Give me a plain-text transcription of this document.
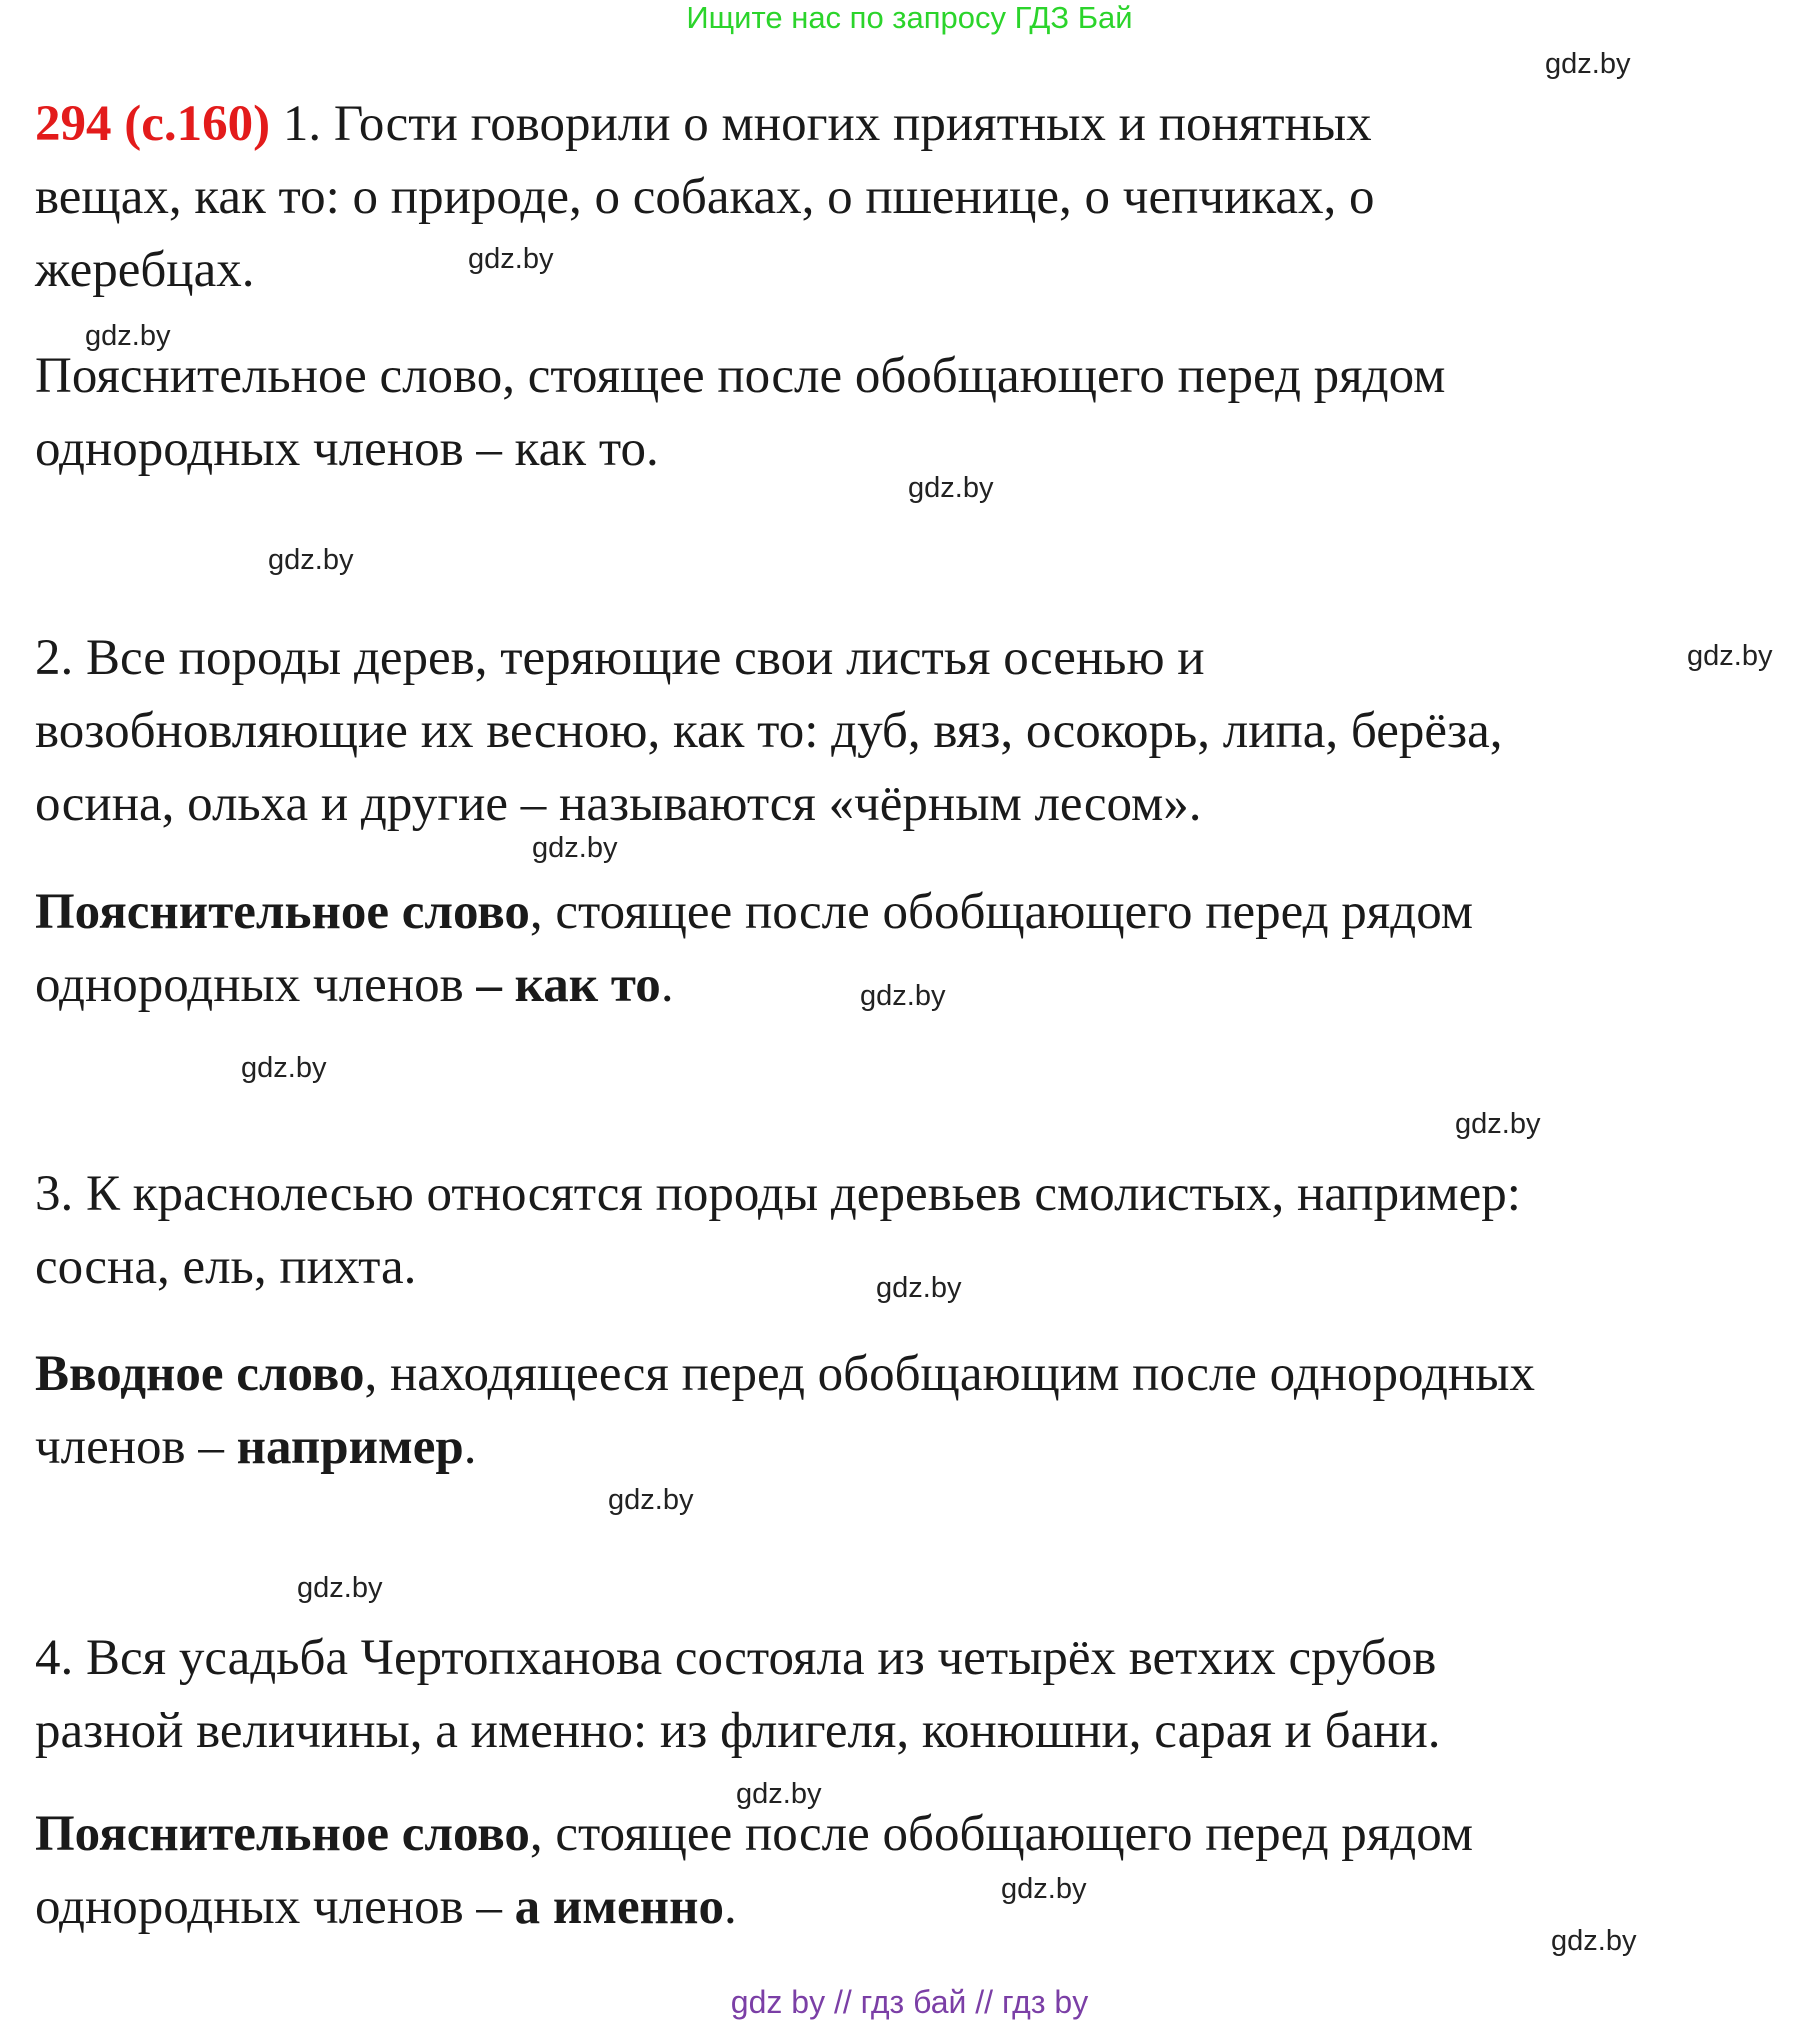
Ищите нас по запросу ГДЗ Бай
294 (с.160) 1. Гости говорили о многих приятных и понятных
вещах, как то: о природе, о собаках, о пшенице, о чепчиках, о
жеребцах.
Пояснительное слово, стоящее после обобщающего перед рядом
однородных членов – как то.
2. Все породы дерев, теряющие свои листья осенью и
возобновляющие их весною, как то: дуб, вяз, осокорь, липа, берёза,
осина, ольха и другие – называются «чёрным лесом».
Пояснительное слово, стоящее после обобщающего перед рядом
однородных членов – как то.
3. К краснолесью относятся породы деревьев смолистых, например:
сосна, ель, пихта.
Вводное слово, находящееся перед обобщающим после однородных
членов – например.
4. Вся усадьба Чертопханова состояла из четырёх ветхих срубов
разной величины, а именно: из флигеля, конюшни, сарая и бани.
Пояснительное слово, стоящее после обобщающего перед рядом
однородных членов – а именно.
gdz.by
gdz.by
gdz.by
gdz.by
gdz.by
gdz.by
gdz.by
gdz.by
gdz.by
gdz.by
gdz.by
gdz.by
gdz.by
gdz.by
gdz.by
gdz.by
gdz by // гдз бай // гдз by
